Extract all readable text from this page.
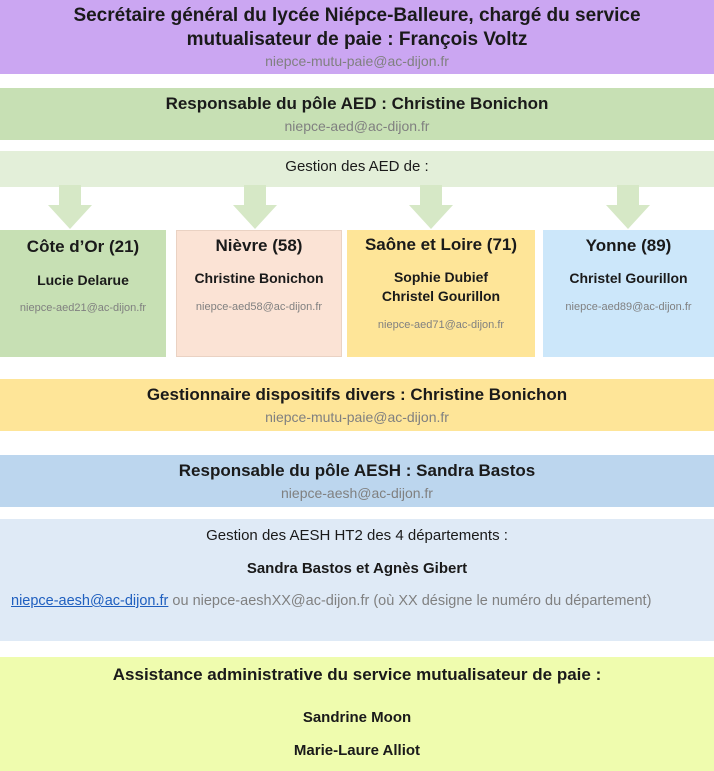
Secrétaire général du lycée Niépce-Balleure, chargé du service
mutualisateur de paie : François Voltz
niepce-mutu-paie@ac-dijon.fr
Responsable du pôle AED : Christine Bonichon
niepce-aed@ac-dijon.fr
Gestion des AED de :
Côte d’Or (21)
Lucie Delarue
niepce-aed21@ac-dijon.fr
Nièvre (58)
Christine Bonichon
niepce-aed58@ac-dijon.fr
Saône et Loire (71)
Sophie Dubief
Christel Gourillon
niepce-aed71@ac-dijon.fr
Yonne (89)
Christel Gourillon
niepce-aed89@ac-dijon.fr
Gestionnaire dispositifs divers : Christine Bonichon
niepce-mutu-paie@ac-dijon.fr
Responsable du pôle AESH : Sandra Bastos
niepce-aesh@ac-dijon.fr
Gestion des AESH HT2 des 4 départements :
Sandra Bastos et Agnès Gibert
niepce-aesh@ac-dijon.fr ou niepce-aeshXX@ac-dijon.fr (où XX désigne le numéro du département)
Assistance administrative du service mutualisateur de paie :
Sandrine Moon
Marie-Laure Alliot
